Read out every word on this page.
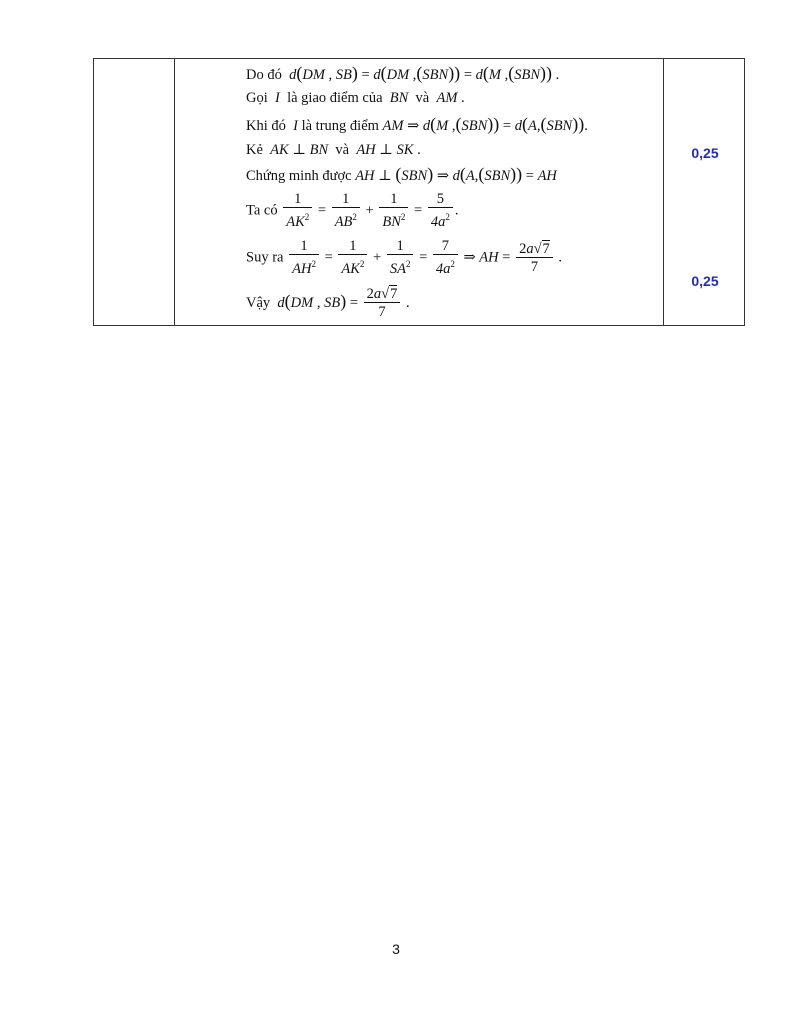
Do đó  d(DM , SB) = d(DM ,(SBN)) = d(M ,(SBN)) .
Gọi  I  là giao điểm của  BN  và  AM .
Khi đó  I là trung điểm AM ⇒ d(M ,(SBN)) = d(A,(SBN)).
Kẻ  AK ⊥ BN  và  AH ⊥ SK .
Chứng minh được AH ⊥ (SBN) ⇒ d(A,(SBN)) = AH
Ta có $\frac{1}{AK^2} = \frac{1}{AB^2} + \frac{1}{BN^2} = \frac{5}{4a^2}$ .
Suy ra $\frac{1}{AH^2} = \frac{1}{AK^2} + \frac{1}{SA^2} = \frac{7}{4a^2}$ ⇒ AH = $\frac{2a√7}{7}$ .
Vậy d(DM , $SB) = \frac{2a√7}{7}$ .
0,25
0,25
3
